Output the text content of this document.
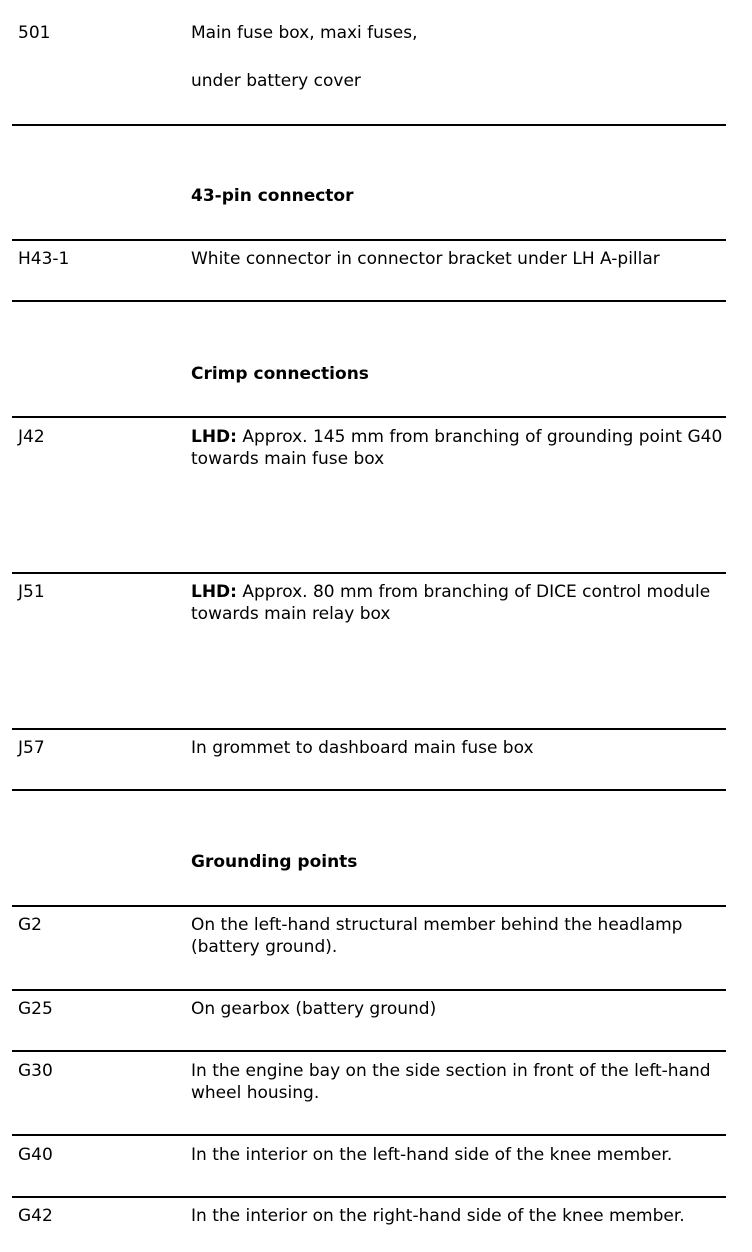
501	Main fuse box, maxi fuses,
under battery cover
43-pin connector
H43-1	White connector in connector bracket under LH A-pillar
Crimp connections
J42	LHD: Approx. 145 mm from branching of grounding point G40 towards main fuse box
J51	LHD: Approx. 80 mm from branching of DICE control module towards main relay box
J57	In grommet to dashboard main fuse box
Grounding points
G2	On the left-hand structural member behind the headlamp (battery ground).
G25	On gearbox (battery ground)
G30	In the engine bay on the side section in front of the left-hand wheel housing.
G40	In the interior on the left-hand side of the knee member.
G42	In the interior on the right-hand side of the knee member.
